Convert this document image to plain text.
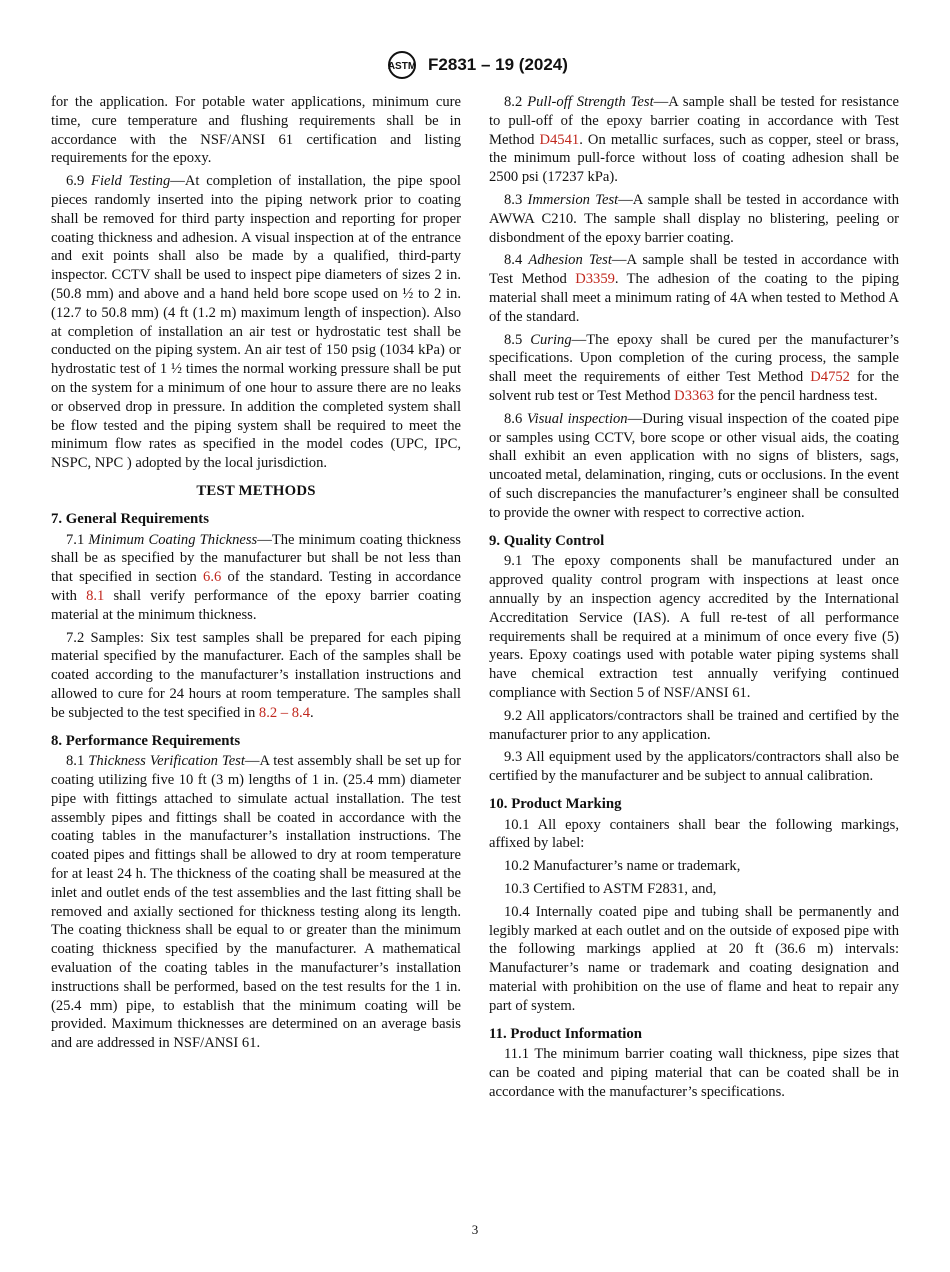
ASTM F2831 – 19 (2024)

for the application. For potable water applications, minimum cure time, cure temperature and flushing requirements shall be in accordance with the NSF/ANSI 61 certification and listing requirements for the epoxy.

6.9 Field Testing—At completion of installation, the pipe spool pieces randomly inserted into the piping network prior to coating shall be removed for third party inspection and reporting for proper coating thickness and adhesion. A visual inspection at of the entrance and exit points shall also be made by a qualified, third-party inspector. CCTV shall be used to inspect pipe diameters of sizes 2 in. (50.8 mm) and above and a hand held bore scope used on ½ to 2 in. (12.7 to 50.8 mm) (4 ft (1.2 m) maximum length of inspection). Also at completion of installation an air test or hydrostatic test shall be conducted on the piping system. An air test of 150 psig (1034 kPa) or hydrostatic test of 1 ½ times the normal working pressure shall be put on the system for a minimum of one hour to assure there are no leaks or observed drop in pressure. In addition the completed system shall be flow tested and the piping system shall be required to meet the minimum flow rates as specified in the model codes (UPC, IPC, NSPC, NPC ) adopted by the local jurisdiction.

TEST METHODS
7. General Requirements

7.1 Minimum Coating Thickness—The minimum coating thickness shall be as specified by the manufacturer but shall be not less than that specified in section 6.6 of the standard. Testing in accordance with 8.1 shall verify performance of the epoxy barrier coating material at the minimum thickness.

7.2 Samples: Six test samples shall be prepared for each piping material specified by the manufacturer. Each of the samples shall be coated according to the manufacturer’s installation instructions and allowed to cure for 24 hours at room temperature. The samples shall be subjected to the test specified in 8.2 – 8.4.

8. Performance Requirements

8.1 Thickness Verification Test—A test assembly shall be set up for coating utilizing five 10 ft (3 m) lengths of 1 in. (25.4 mm) diameter pipe with fittings attached to simulate actual installation. The test assembly pipes and fittings shall be coated in accordance with the coating tables in the manufacturer’s installation instructions. The coated pipes and fittings shall be allowed to dry at room temperature for at least 24 h. The thickness of the coating shall be measured at the inlet and outlet ends of the test assemblies and the last fitting shall be removed and axially sectioned for thickness testing along its length. The coating thickness shall be equal to or greater than the minimum coating thickness specified by the manufacturer. A mathematical evaluation of the coating tables in the manufacturer’s installation instructions shall be performed, based on the test results for the 1 in. (25.4 mm) pipe, to establish that the minimum coating will be provided. Maximum thicknesses are determined on an average basis and are addressed in NSF/ANSI 61.

8.2 Pull-off Strength Test—A sample shall be tested for resistance to pull-off of the epoxy barrier coating in accordance with Test Method D4541. On metallic surfaces, such as copper, steel or brass, the minimum pull-force without loss of coating adhesion shall be 2500 psi (17237 kPa).

8.3 Immersion Test—A sample shall be tested in accordance with AWWA C210. The sample shall display no blistering, peeling or disbondment of the epoxy barrier coating.

8.4 Adhesion Test—A sample shall be tested in accordance with Test Method D3359. The adhesion of the coating to the piping material shall meet a minimum rating of 4A when tested to Method A of the standard.

8.5 Curing—The epoxy shall be cured per the manufacturer’s specifications. Upon completion of the curing process, the sample shall meet the requirements of either Test Method D4752 for the solvent rub test or Test Method D3363 for the pencil hardness test.

8.6 Visual inspection—During visual inspection of the coated pipe or samples using CCTV, bore scope or other visual aids, the coating shall exhibit an even application with no signs of blisters, sags, uncoated metal, delamination, ringing, cuts or occlusions. In the event of such discrepancies the manufacturer’s engineer shall be consulted to provide the owner with respect to corrective action.

9. Quality Control

9.1 The epoxy components shall be manufactured under an approved quality control program with inspections at least once annually by an inspection agency accredited by the International Accreditation Service (IAS). A full re-test of all performance requirements shall be required at a minimum of once every five (5) years. Epoxy coatings used with potable water piping systems shall have chemical extraction test annually verifying continued compliance with Section 5 of NSF/ANSI 61.

9.2 All applicators/contractors shall be trained and certified by the manufacturer prior to any application.

9.3 All equipment used by the applicators/contractors shall also be certified by the manufacturer and be subject to annual calibration.

10. Product Marking

10.1 All epoxy containers shall bear the following markings, affixed by label:

10.2 Manufacturer’s name or trademark,

10.3 Certified to ASTM F2831, and,

10.4 Internally coated pipe and tubing shall be permanently and legibly marked at each outlet and on the outside of exposed pipe with the following markings applied at 20 ft (36.6 m) intervals: Manufacturer’s name or trademark and coating designation and material with prohibition on the use of flame and heat to repair any part of system.

11. Product Information

11.1 The minimum barrier coating wall thickness, pipe sizes that can be coated and piping material that can be coated shall be in accordance with the manufacturer’s specifications.

3
